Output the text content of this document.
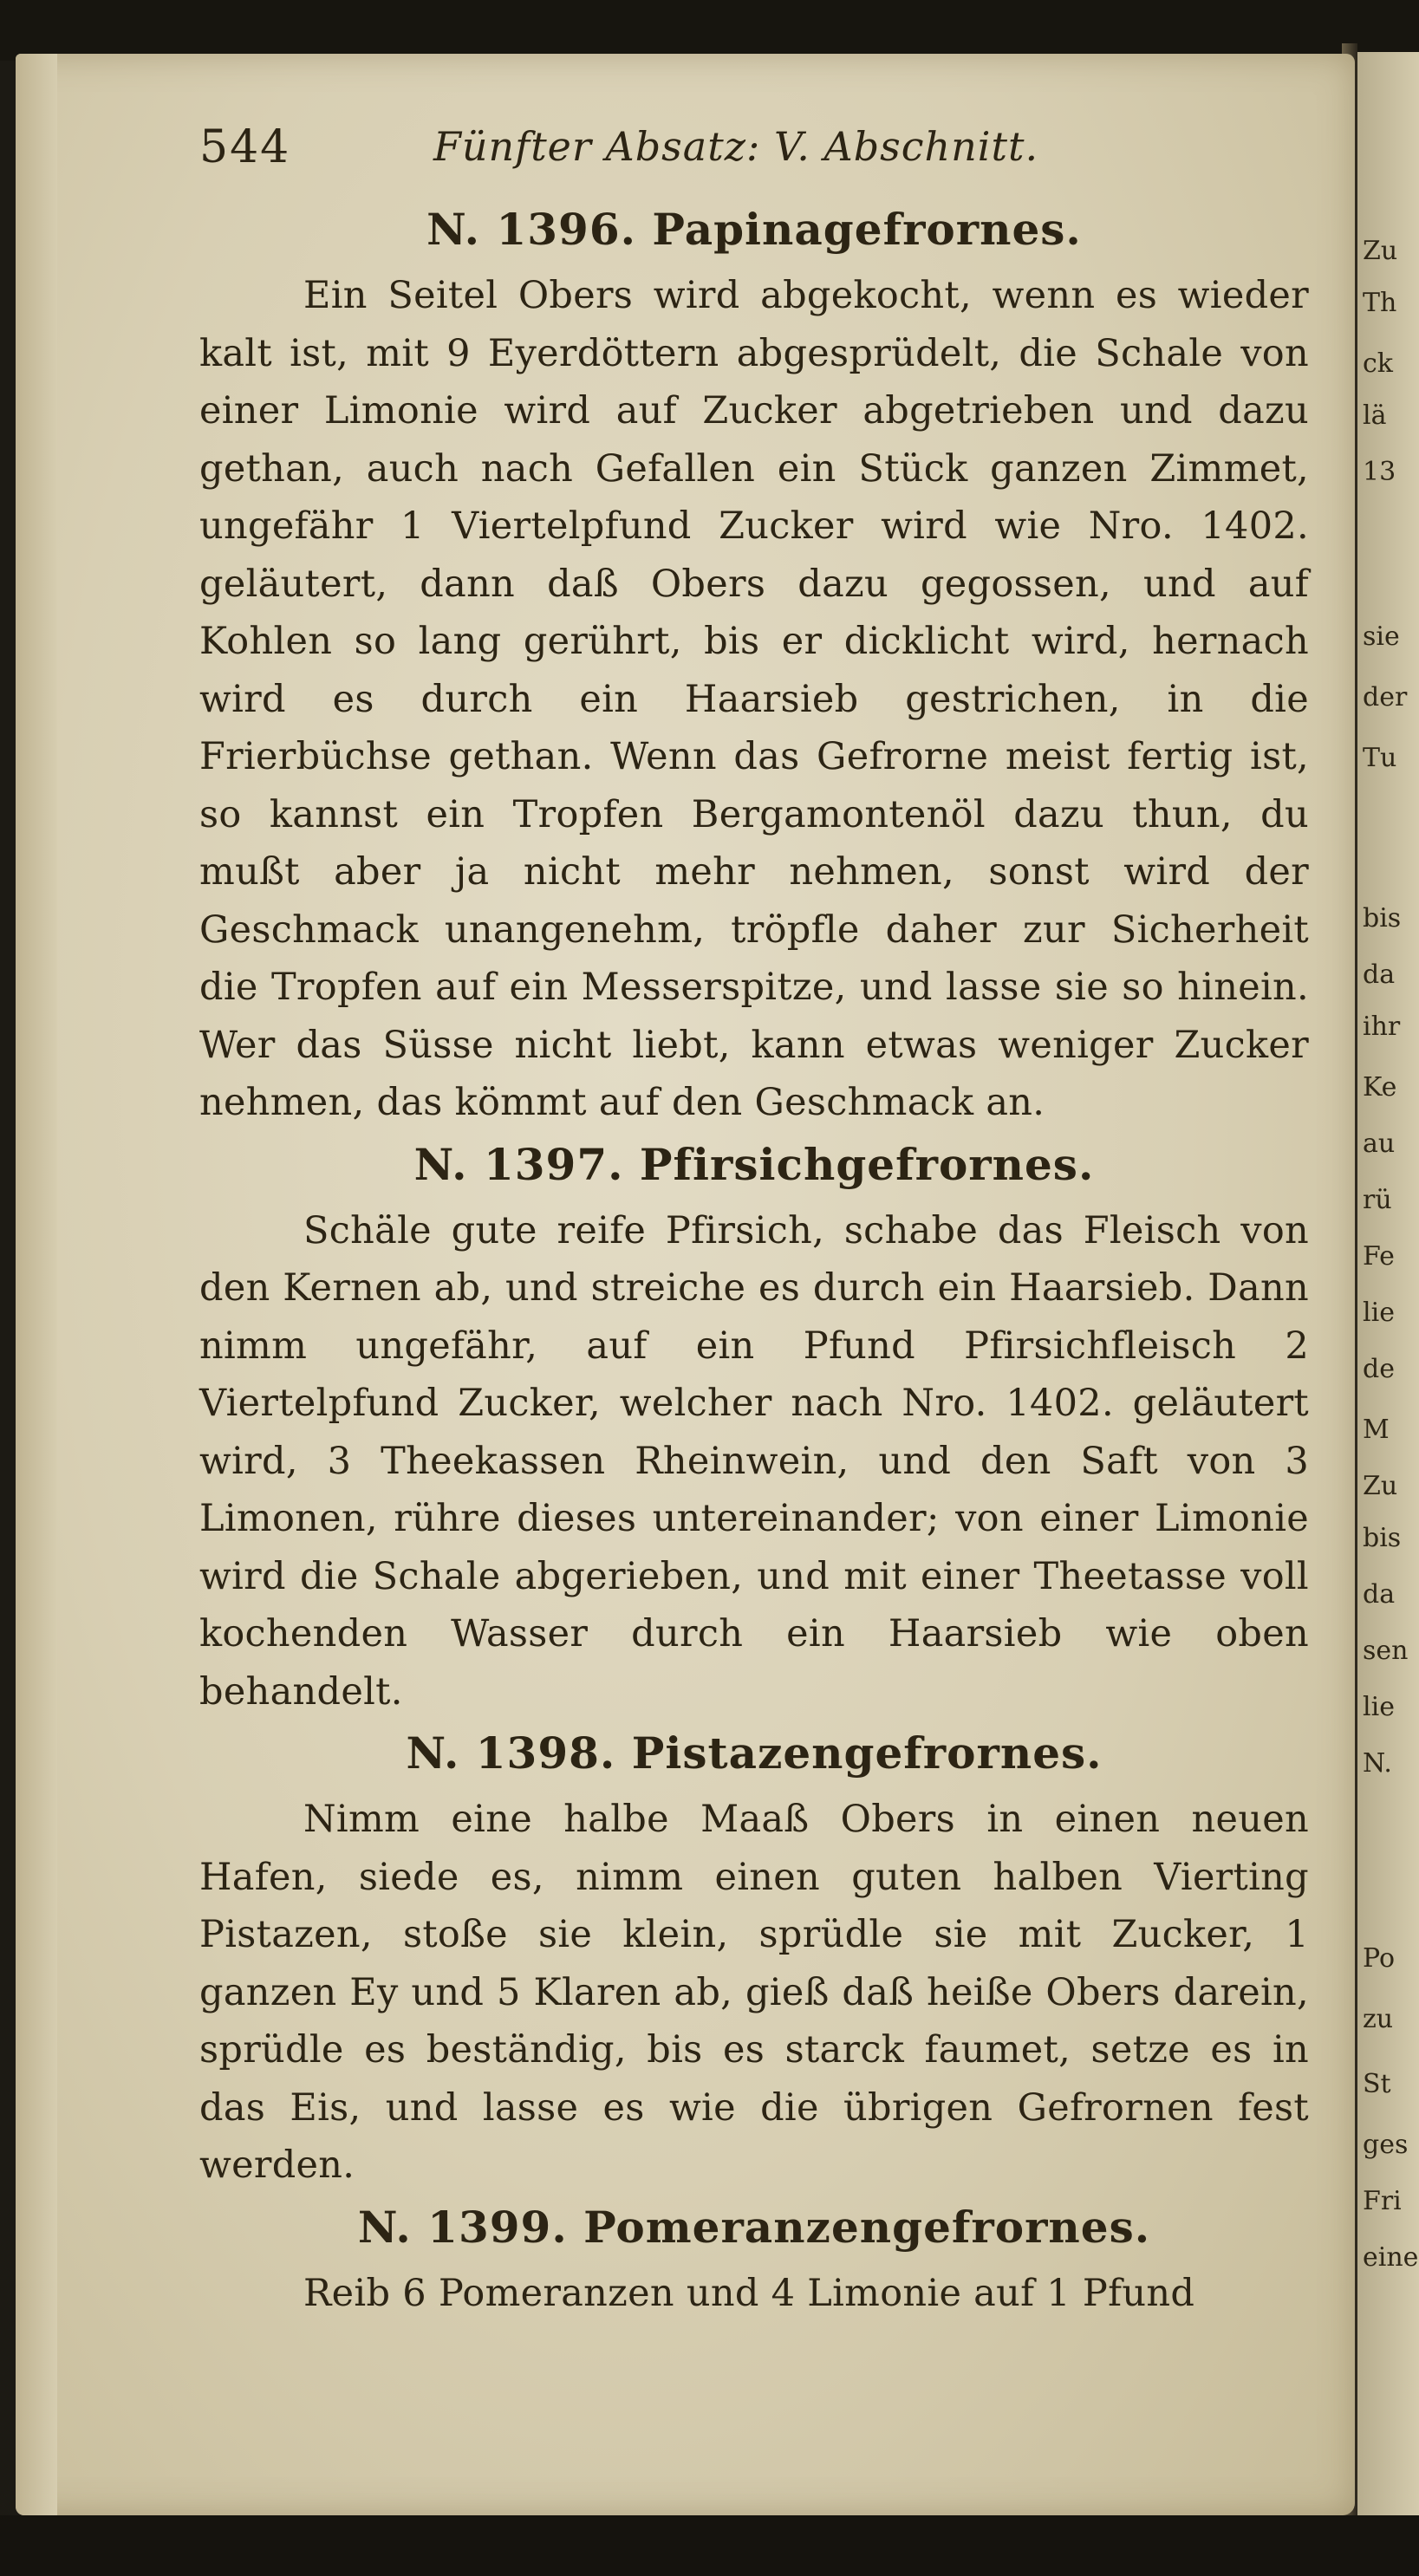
Zu
Th
ck
lä
13
sie
der
Tu
bis
da
ihr
Ke
au
rü
Fe
lie
de
M
Zu
bis
da
sen
lie
N.
Po
zu
St
ges
Fri
eine
544	Fünfter Absatz: V. Abschnitt.
N. 1396. Papinagefrornes.

Ein Seitel Obers wird abgekocht, wenn es wieder kalt ist, mit 9 Eyerdöttern abgesprüdelt, die Schale von einer Limonie wird auf Zucker abgetrieben und dazu gethan, auch nach Gefallen ein Stück ganzen Zimmet, ungefähr 1 Viertelpfund Zucker wird wie Nro. 1402. geläutert, dann daß Obers dazu gegossen, und auf Kohlen so lang gerührt, bis er dicklicht wird, hernach wird es durch ein Haarsieb gestrichen, in die Frierbüchse gethan. Wenn das Gefrorne meist fertig ist, so kannst ein Tropfen Bergamontenöl dazu thun, du mußt aber ja nicht mehr nehmen, sonst wird der Geschmack unangenehm, tröpfle daher zur Sicherheit die Tropfen auf ein Messerspitze, und lasse sie so hinein. Wer das Süsse nicht liebt, kann etwas weniger Zucker nehmen, das kömmt auf den Geschmack an.

N. 1397. Pfirsichgefrornes.

Schäle gute reife Pfirsich, schabe das Fleisch von den Kernen ab, und streiche es durch ein Haarsieb. Dann nimm ungefähr, auf ein Pfund Pfirsichfleisch 2 Viertelpfund Zucker, welcher nach Nro. 1402. geläutert wird, 3 Theekassen Rheinwein, und den Saft von 3 Limonen, rühre dieses untereinander; von einer Limonie wird die Schale abgerieben, und mit einer Theetasse voll kochenden Wasser durch ein Haarsieb wie oben behandelt.

N. 1398. Pistazengefrornes.

Nimm eine halbe Maaß Obers in einen neuen Hafen, siede es, nimm einen guten halben Vierting Pistazen, stoße sie klein, sprüdle sie mit Zucker, 1 ganzen Ey und 5 Klaren ab, gieß daß heiße Obers darein, sprüdle es beständig, bis es starck faumet, setze es in das Eis, und lasse es wie die übrigen Gefrornen fest werden.

N. 1399. Pomeranzengefrornes.

Reib 6 Pomeranzen und 4 Limonie auf 1 Pfund
